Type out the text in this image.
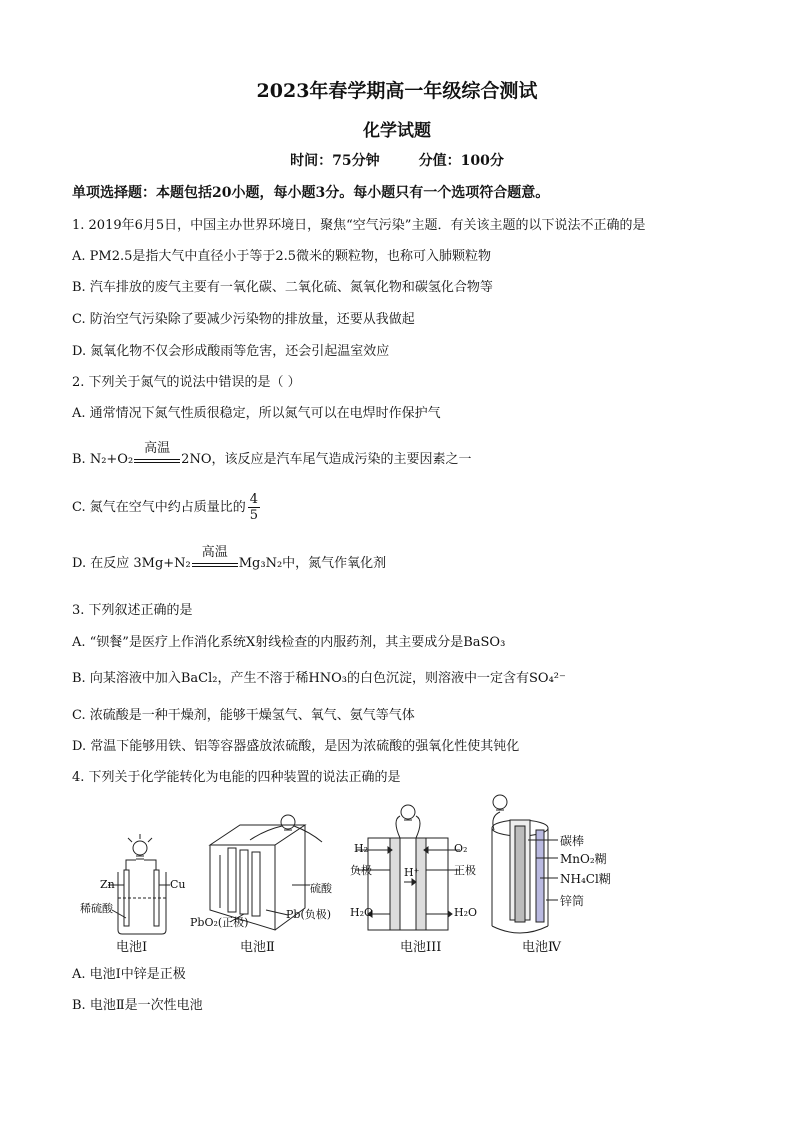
2023年春学期高一年级综合测试
化学试题
时间：75分钟	分值：100分
单项选择题：本题包括20小题，每小题3分。每小题只有一个选项符合题意。
1. 2019年6月5日，中国主办世界环境日，聚焦“空气污染”主题．有关该主题的以下说法不正确的是
A. PM2.5是指大气中直径小于等于2.5微米的颗粒物，也称可入肺颗粒物
B. 汽车排放的废气主要有一氧化碳、二氧化硫、氮氧化物和碳氢化合物等
C. 防治空气污染除了要减少污染物的排放量，还要从我做起
D. 氮氧化物不仅会形成酸雨等危害，还会引起温室效应
2. 下列关于氮气的说法中错误的是（ ）
A. 通常情况下氮气性质很稳定，所以氮气可以在电焊时作保护气
B. N₂+O₂
高温
2NO，该反应是汽车尾气造成污染的主要因素之一
C. 氮气在空气中约占质量比的 $\frac{4}{5}$
D. 在反应 3Mg+N₂
高温
Mg₃N₂中，氮气作氧化剂
3. 下列叙述正确的是
A. “钡餐”是医疗上作消化系统X射线检查的内服药剂，其主要成分是BaSO₃
B. 向某溶液中加入BaCl₂，产生不溶于稀HNO₃的白色沉淀，则溶液中一定含有SO₄²⁻
C. 浓硫酸是一种干燥剂，能够干燥氢气、氧气、氨气等气体
D. 常温下能够用铁、铝等容器盛放浓硫酸，是因为浓硫酸的强氧化性使其钝化
4. 下列关于化学能转化为电能的四种装置的说法正确的是
Zn	Cu
稀硫酸
硫酸
PbO₂(正极)
Pb(负极)
H₂	O₂
负极	正极
H⁺
H₂O	H₂O
碳棒
MnO₂糊
NH₄Cl糊
锌筒
电池Ⅰ	电池Ⅱ	电池III	电池Ⅳ
A. 电池Ⅰ中锌是正极
B. 电池Ⅱ是一次性电池
